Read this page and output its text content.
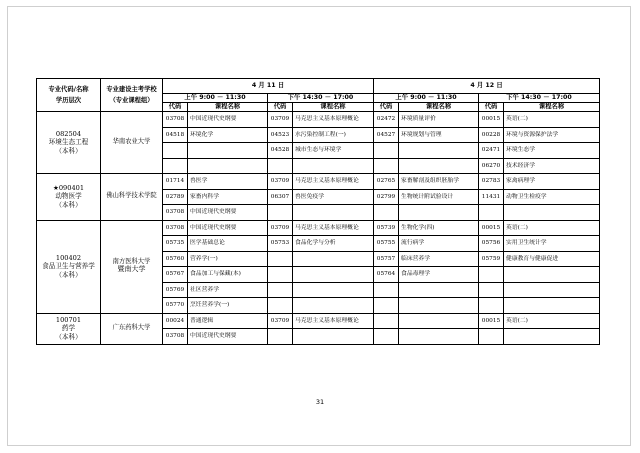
专业代码/名称
学历层次	专业建设主考学校
（专业课程组）	4 月 11 日				4 月 12 日			
		上午 9:00 － 11:30		下午 14:30 － 17:00		上午 9:00 － 11:30		下午 14:30 － 17:00	
		代码	课程名称	代码	课程名称	代码	课程名称	代码	课程名称

082504
环境生态工程
（本科）	华南农业大学	03708	中国近现代史纲要	03709	马克思主义基本原理概论	02472	环境质量评价	00015	英语(二)
		04518	环境化学	04523	水污染控制工程(一)	04527	环境规划与管理	00228	环境与资源保护法学
				04528	城市生态与环境学			02471	环境生态学
								06270	技术经济学

★090401
动物医学
（本科）	佛山科学技术学院	01714	兽医学	03709	马克思主义基本原理概论	02765	家畜解剖及组织胚胎学	02783	家禽病理学
		02789	家畜内科学	06307	兽医免疫学	02799	生物统计附试验设计	11431	动物卫生检疫学
		03708	中国近现代史纲要						

100402
食品卫生与营养学
（本科）	南方医科大学
暨南大学	03708	中国近现代史纲要	03709	马克思主义基本原理概论	05739	生物化学(四)	00015	英语(二)
		05735	医学基础总论	05753	食品化学与分析	05755	流行病学	05756	实用卫生统计学
		05760	营养学(一)			05757	临床营养学	05759	健康教育与健康促进
		05767	食品加工与保藏(本)			05764	食品毒理学		
		05769	社区营养学						
		05770	烹饪营养学(一)						

100701
药学
（本科）	广东药科大学	00024	普通逻辑	03709	马克思主义基本原理概论			00015	英语(二)
		03708	中国近现代史纲要						
31
